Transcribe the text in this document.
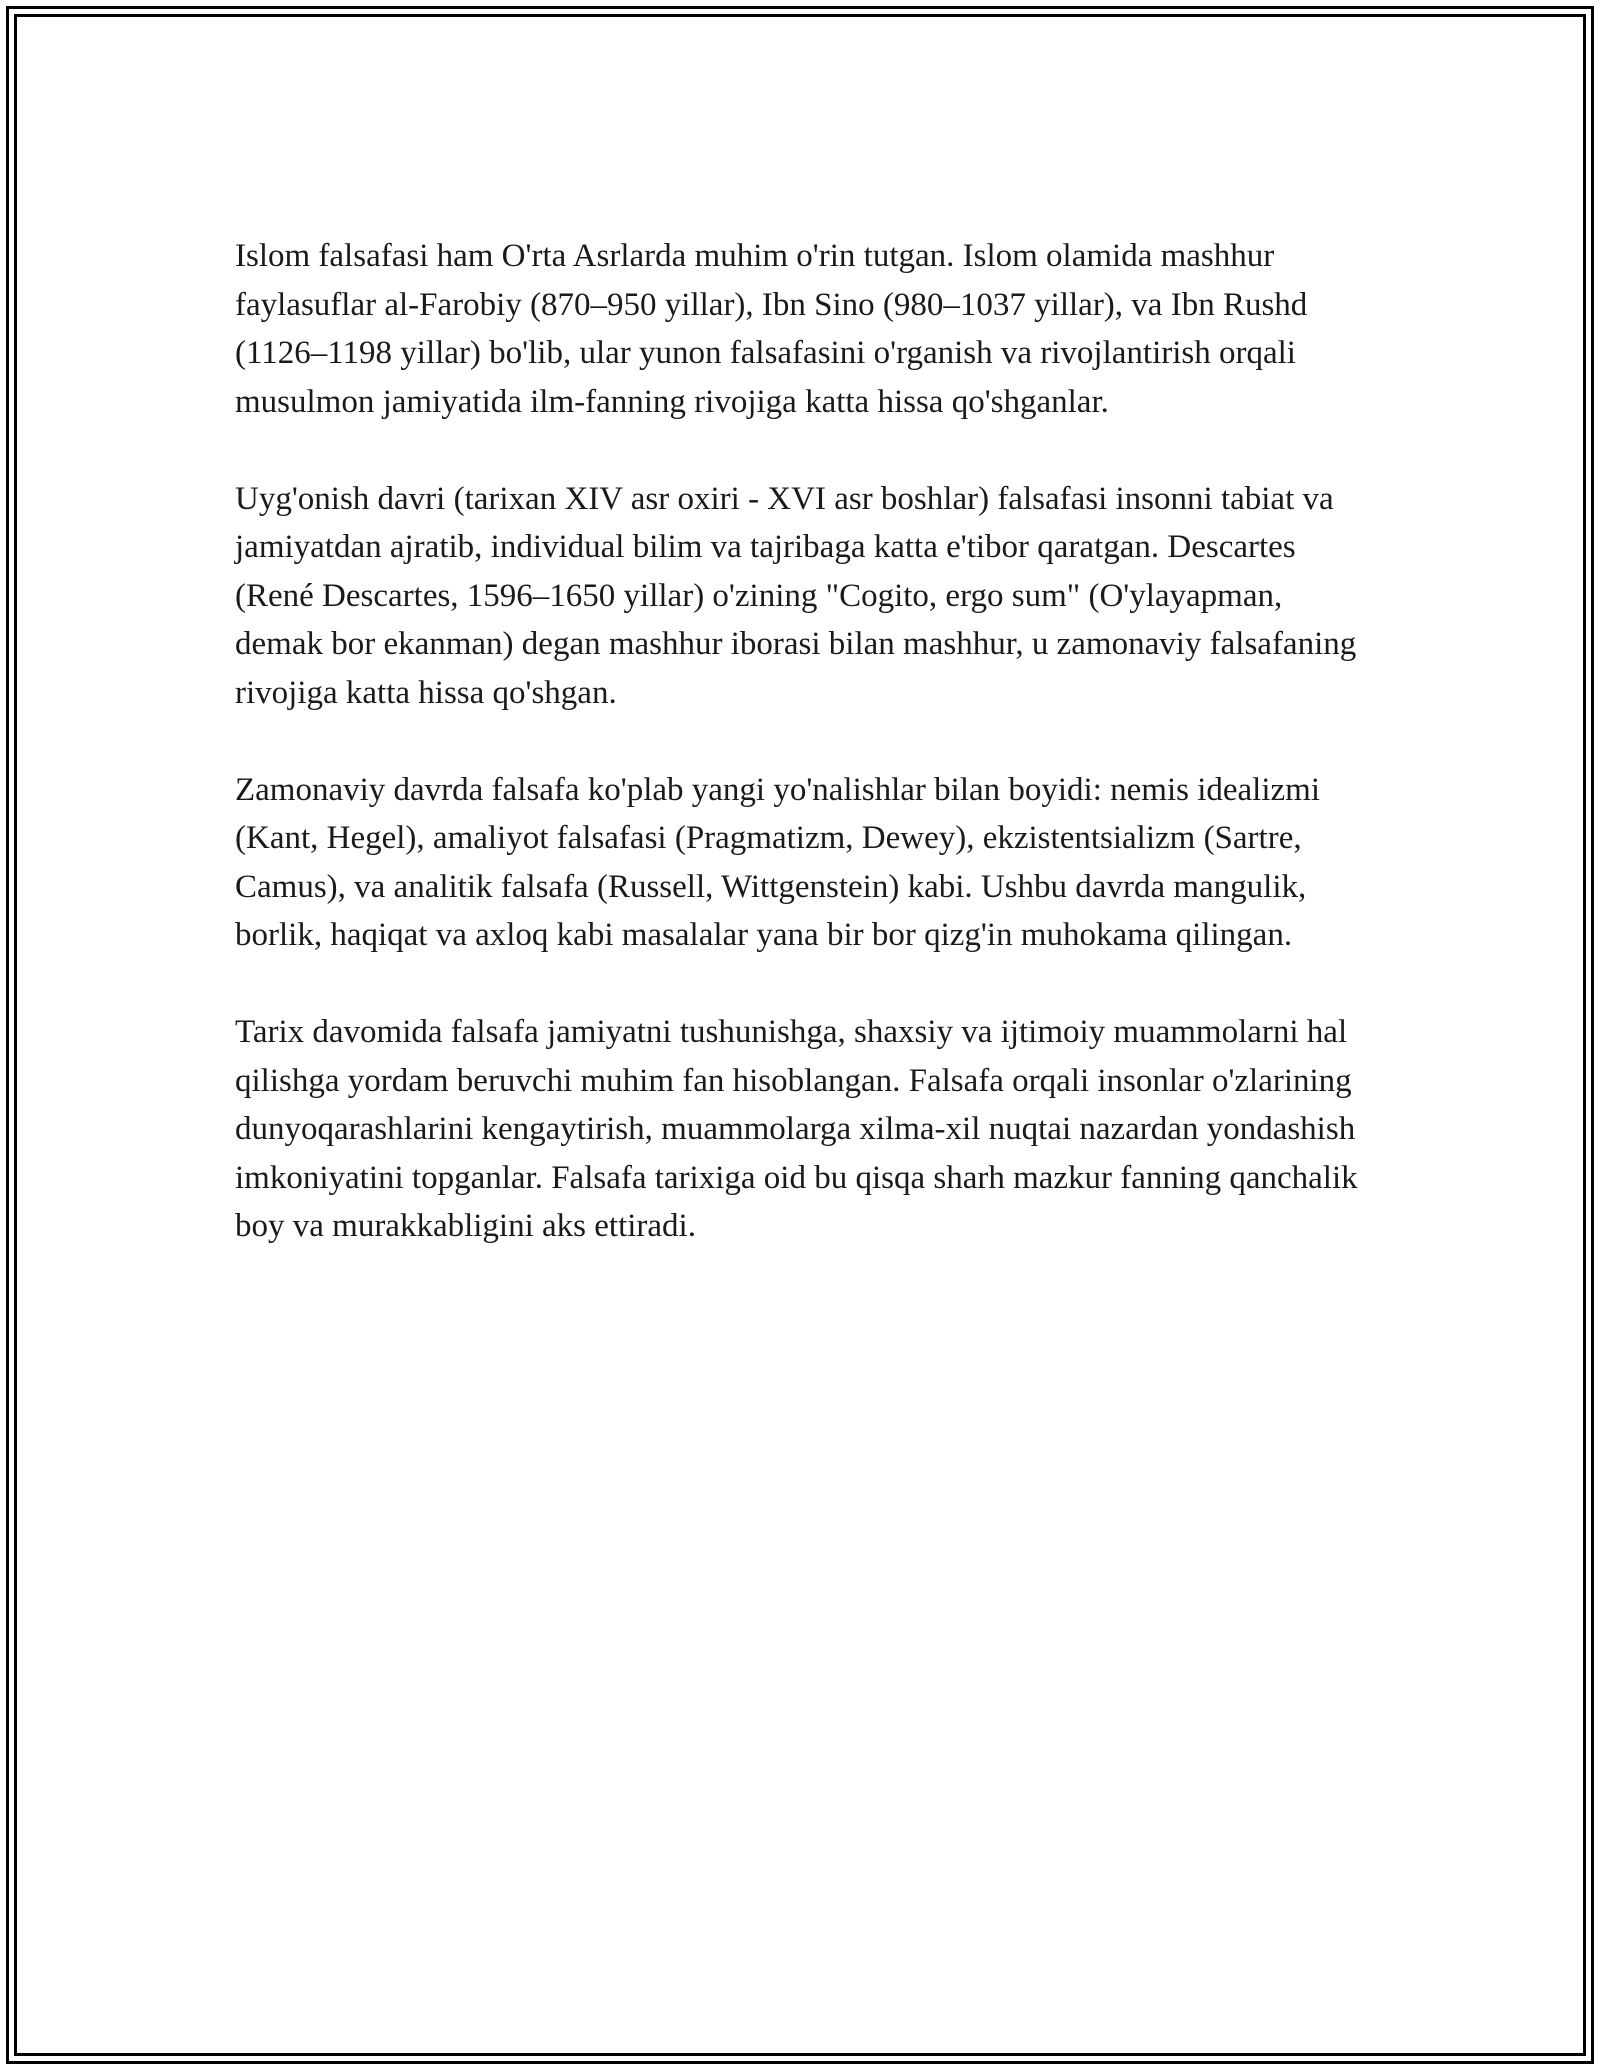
Islom falsafasi ham O'rta Asrlarda muhim o'rin tutgan. Islom olamida mashhur faylasuflar al-Farobiy (870–950 yillar), Ibn Sino (980–1037 yillar), va Ibn Rushd (1126–1198 yillar) bo'lib, ular yunon falsafasini o'rganish va rivojlantirish orqali musulmon jamiyatida ilm-fanning rivojiga katta hissa qo'shganlar.

Uyg'onish davri (tarixan XIV asr oxiri - XVI asr boshlar) falsafasi insonni tabiat va jamiyatdan ajratib, individual bilim va tajribaga katta e'tibor qaratgan. Descartes (René Descartes, 1596–1650 yillar) o'zining "Cogito, ergo sum" (O'ylayapman, demak bor ekanman) degan mashhur iborasi bilan mashhur, u zamonaviy falsafaning rivojiga katta hissa qo'shgan.

Zamonaviy davrda falsafa ko'plab yangi yo'nalishlar bilan boyidi: nemis idealizmi (Kant, Hegel), amaliyot falsafasi (Pragmatizm, Dewey), ekzistentsializm (Sartre, Camus), va analitik falsafa (Russell, Wittgenstein) kabi. Ushbu davrda mangulik, borlik, haqiqat va axloq kabi masalalar yana bir bor qizg'in muhokama qilingan.

Tarix davomida falsafa jamiyatni tushunishga, shaxsiy va ijtimoiy muammolarni hal qilishga yordam beruvchi muhim fan hisoblangan. Falsafa orqali insonlar o'zlarining dunyoqarashlarini kengaytirish, muammolarga xilma-xil nuqtai nazardan yondashish imkoniyatini topganlar. Falsafa tarixiga oid bu qisqa sharh mazkur fanning qanchalik boy va murakkabligini aks ettiradi.
